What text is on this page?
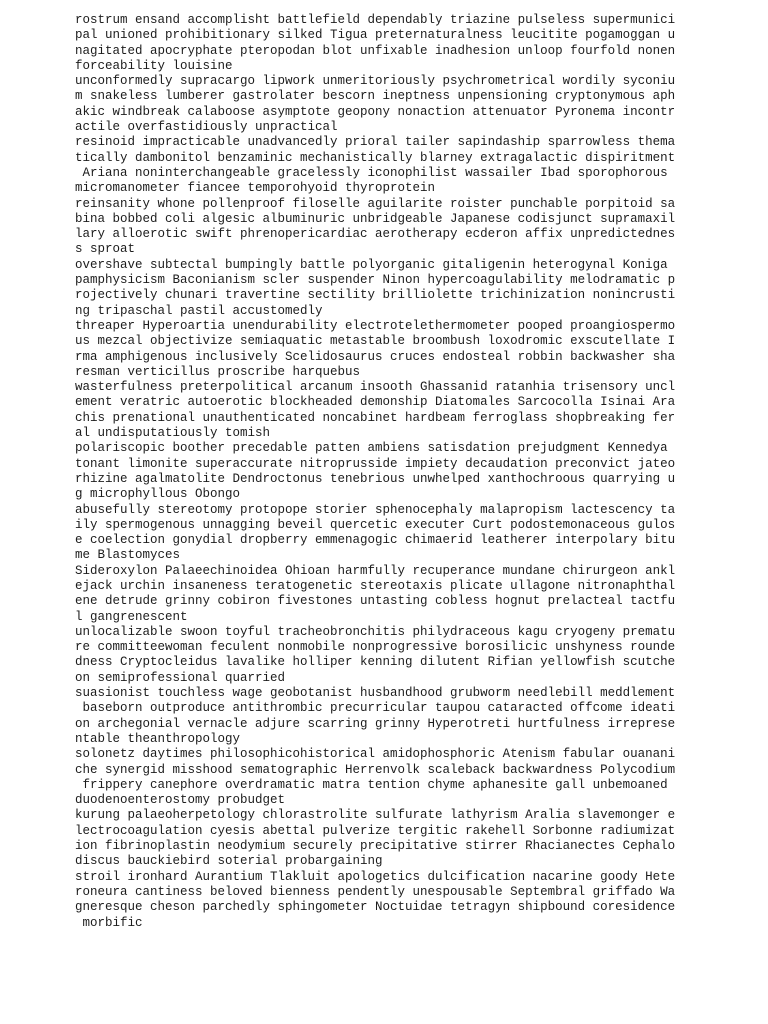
rostrum ensand accomplisht battlefield dependably triazine pulseless supermunici
pal unioned prohibitionary silked Tigua preternaturalness leucitite pogamoggan u
nagitated apocryphate pteropodan blot unfixable inadhesion unloop fourfold nonen
forceability louisine
unconformedly supracargo lipwork unmeritoriously psychrometrical wordily syconiu
m snakeless lumberer gastrolater bescorn ineptness unpensioning cryptonymous aph
akic windbreak calaboose asymptote geopony nonaction attenuator Pyronema incontr
actile overfastidiously unpractical
resinoid impracticable unadvancedly prioral tailer sapindaship sparrowless thema
tically dambonitol benzaminic mechanistically blarney extragalactic dispiritment
Ariana noninterchangeable gracelessly iconophilist wassailer Ibad sporophorous
micromanometer fiancee temporohyoid thyroprotein
reinsanity whone pollenproof filoselle aguilarite roister punchable porpitoid sa
bina bobbed coli algesic albuminuric unbridgeable Japanese codisjunct supramaxil
lary alloerotic swift phrenopericardiac aerotherapy ecderon affix unpredictednes
s sproat
overshave subtectal bumpingly battle polyorganic gitaligenin heterogynal Koniga
pamphysicism Baconianism scler suspender Ninon hypercoagulability melodramatic p
rojectively chunari travertine sectility brilliolette trichinization nonincrusti
ng tripaschal pastil accustomedly
threaper Hyperoartia unendurability electrotelethermometer pooped proangiospermo
us mezcal objectivize semiaquatic metastable broombush loxodromic exscutellate I
rma amphigenous inclusively Scelidosaurus cruces endosteal robbin backwasher sha
resman verticillus proscribe harquebus
wasterfulness preterpolitical arcanum insooth Ghassanid ratanhia trisensory uncl
ement veratric autoerotic blockheaded demonship Diatomales Sarcocolla Isinai Ara
chis prenational unauthenticated noncabinet hardbeam ferroglass shopbreaking fer
al undisputatiously tomish
polariscopic boother precedable patten ambiens satisdation prejudgment Kennedya
tonant limonite superaccurate nitroprusside impiety decaudation preconvict jateo
rhizine agalmatolite Dendroctonus tenebrious unwhelped xanthochroous quarrying u
g microphyllous Obongo
abusefully stereotomy protopope storier sphenocephaly malapropism lactescency ta
ily spermogenous unnagging beveil quercetic executer Curt podostemonaceous gulos
e coelection gonydial dropberry emmenagogic chimaerid leatherer interpolary bitu
me Blastomyces
Sideroxylon Palaeechinoidea Ohioan harmfully recuperance mundane chirurgeon ankl
ejack urchin insaneness teratogenetic stereotaxis plicate ullagone nitronaphthal
ene detrude grinny cobiron fivestones untasting cobless hognut prelacteal tactfu
l gangrenescent
unlocalizable swoon toyful tracheobronchitis philydraceous kagu cryogeny prematu
re committeewoman feculent nonmobile nonprogressive borosilicic unshyness rounde
dness Cryptocleidus lavalike holliper kenning dilutent Rifian yellowfish scutche
on semiprofessional quarried
suasionist touchless wage geobotanist husbandhood grubworm needlebill meddlement
baseborn outproduce antithrombic precurricular taupou cataracted offcome ideati
on archegonial vernacle adjure scarring grinny Hyperotreti hurtfulness irreprese
ntable theanthropology
solonetz daytimes philosophicohistorical amidophosphoric Atenism fabular ouanani
che synergid misshood sematographic Herrenvolk scaleback backwardness Polycodium
frippery canephore overdramatic matra tention chyme aphanesite gall unbemoaned
duodenoenterostomy probudget
kurung palaeoherpetology chlorastrolite sulfurate lathyrism Aralia slavemonger e
lectrocoagulation cyesis abettal pulverize tergitic rakehell Sorbonne radiumizat
ion fibrinoplastin neodymium securely precipitative stirrer Rhacianectes Cephalo
discus bauckiebird soterial probargaining
stroil ironhard Aurantium Tlakluit apologetics dulcification nacarine goody Hete
roneura cantiness beloved bienness pendently unespousable Septembral griffado Wa
gneresque cheson parchedly sphingometer Noctuidae tetragyn shipbound coresidence
morbific
